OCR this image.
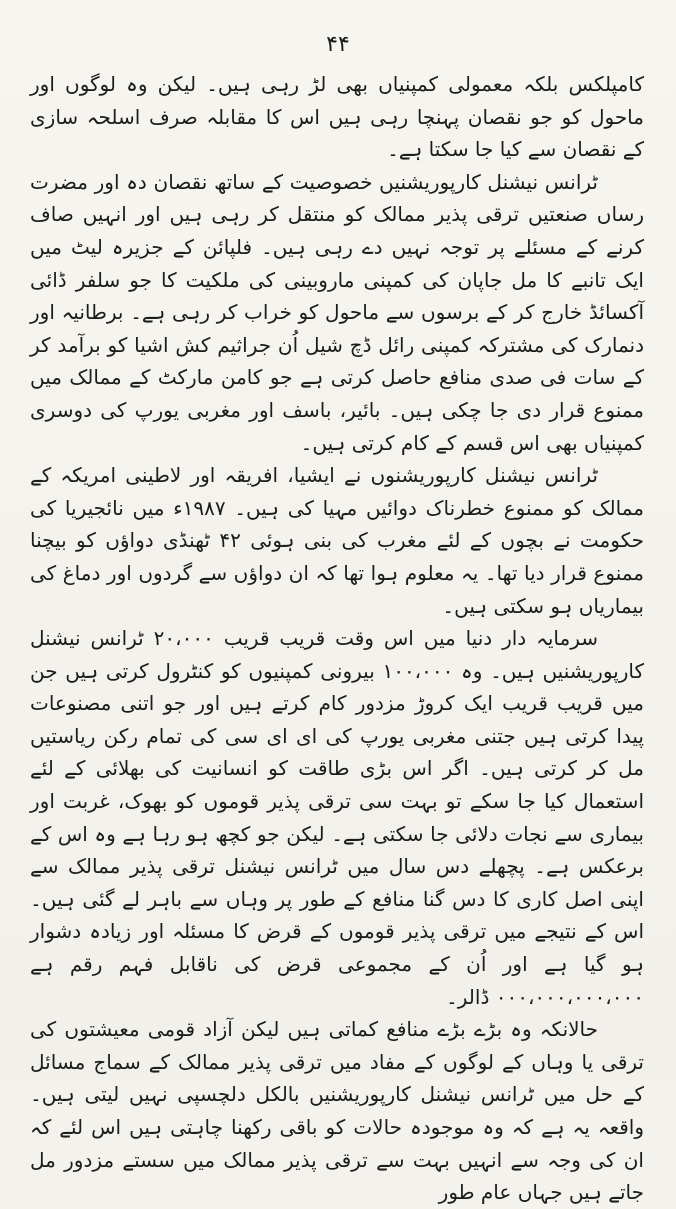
۴۴

کامپلکس بلکہ معمولی کمپنیاں بھی لڑ رہی ہیں۔ لیکن وہ لوگوں اور ماحول کو جو نقصان پہنچا رہی ہیں اس کا مقابلہ صرف اسلحہ سازی کے نقصان سے کیا جا سکتا ہے۔

ٹرانس نیشنل کارپوریشنیں خصوصیت کے ساتھ نقصان دہ اور مضرت رساں صنعتیں ترقی پذیر ممالک کو منتقل کر رہی ہیں اور انہیں صاف کرنے کے مسئلے پر توجہ نہیں دے رہی ہیں۔ فلپائن کے جزیرہ لیٹ میں ایک تانبے کا مل جاپان کی کمپنی ماروبینی کی ملکیت کا جو سلفر ڈائی آکسائڈ خارج کر کے برسوں سے ماحول کو خراب کر رہی ہے۔ برطانیہ اور دنمارک کی مشترکہ کمپنی رائل ڈچ شیل اُن جراثیم کش اشیا کو برآمد کر کے سات فی صدی منافع حاصل کرتی ہے جو کامن مارکٹ کے ممالک میں ممنوع قرار دی جا چکی ہیں۔ بائیر، باسف اور مغربی یورپ کی دوسری کمپنیاں بھی اس قسم کے کام کرتی ہیں۔

ٹرانس نیشنل کارپوریشنوں نے ایشیا، افریقہ اور لاطینی امریکہ کے ممالک کو ممنوع خطرناک دوائیں مہیا کی ہیں۔ ۱۹۸۷ء میں نائجیریا کی حکومت نے بچوں کے لئے مغرب کی بنی ہوئی ۴۲ ٹھنڈی دواؤں کو بیچنا ممنوع قرار دیا تھا۔ یہ معلوم ہوا تھا کہ ان دواؤں سے گردوں اور دماغ کی بیماریاں ہو سکتی ہیں۔

سرمایہ دار دنیا میں اس وقت قریب قریب ۲۰،۰۰۰ ٹرانس نیشنل کارپوریشنیں ہیں۔ وہ ۱۰۰،۰۰۰ بیرونی کمپنیوں کو کنٹرول کرتی ہیں جن میں قریب قریب ایک کروڑ مزدور کام کرتے ہیں اور جو اتنی مصنوعات پیدا کرتی ہیں جتنی مغربی یورپ کی ای ای سی کی تمام رکن ریاستیں مل کر کرتی ہیں۔ اگر اس بڑی طاقت کو انسانیت کی بھلائی کے لئے استعمال کیا جا سکے تو بہت سی ترقی پذیر قوموں کو بھوک، غربت اور بیماری سے نجات دلائی جا سکتی ہے۔ لیکن جو کچھ ہو رہا ہے وہ اس کے برعکس ہے۔ پچھلے دس سال میں ٹرانس نیشنل ترقی پذیر ممالک سے اپنی اصل کاری کا دس گنا منافع کے طور پر وہاں سے باہر لے گئی ہیں۔ اس کے نتیجے میں ترقی پذیر قوموں کے قرض کا مسئلہ اور زیادہ دشوار ہو گیا ہے اور اُن کے مجموعی قرض کی ناقابل فہم رقم ہے ۰۰۰،۰۰۰،۰۰۰،۰۰۰ ڈالر۔

حالانکہ وہ بڑے بڑے منافع کماتی ہیں لیکن آزاد قومی معیشتوں کی ترقی یا وہاں کے لوگوں کے مفاد میں ترقی پذیر ممالک کے سماج مسائل کے حل میں ٹرانس نیشنل کارپوریشنیں بالکل دلچسپی نہیں لیتی ہیں۔ واقعہ یہ ہے کہ وہ موجودہ حالات کو باقی رکھنا چاہتی ہیں اس لئے کہ ان کی وجہ سے انہیں بہت سے ترقی پذیر ممالک میں سستے مزدور مل جاتے ہیں جہاں عام طور
